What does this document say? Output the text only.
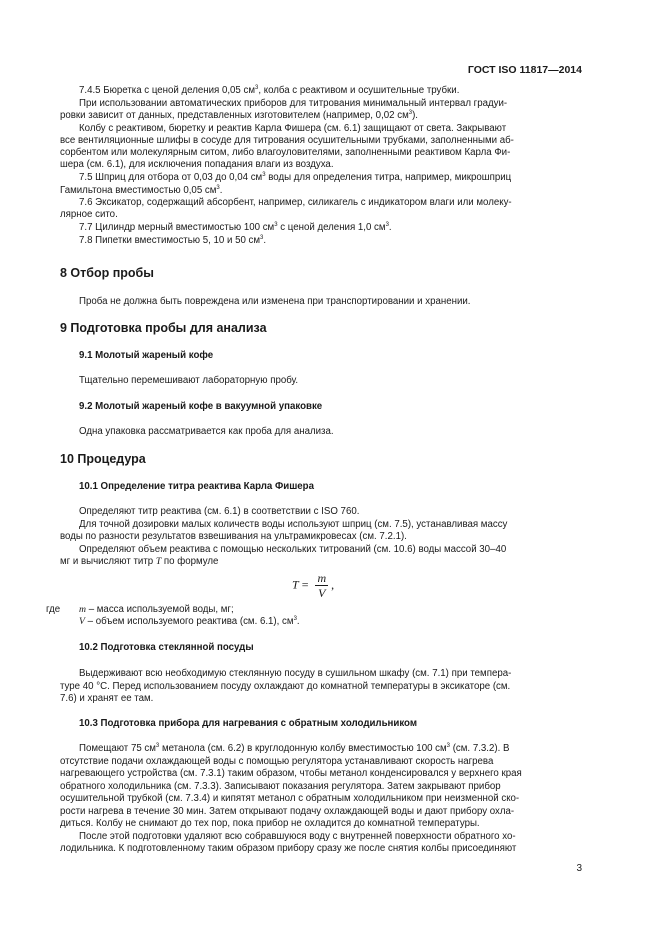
ГОСТ ISO 11817—2014

7.4.5 Бюретка с ценой деления 0,05 $см^3$, колба с реактивом и осушительные трубки.

При использовании автоматических приборов для титрования минимальный интервал градуи-

ровки зависит от данных, представленных изготовителем (например, 0,02 $см^3$).

Колбу с реактивом, бюретку и реактив Карла Фишера (см. 6.1) защищают от света. Закрывают

все вентиляционные шлифы в сосуде для титрования осушительными трубками, заполненными аб-

сорбентом или молекулярным ситом, либо влагоуловителями, заполненными реактивом Карла Фи-

шера (см. 6.1), для исключения попадания влаги из воздуха.

7.5 Шприц для отбора от 0,03 до 0,04 $см^3$ воды для определения титра, например, микрошприц

Гамильтона вместимостью 0,05 $см^3$.

7.6 Эксикатор, содержащий абсорбент, например, силикагель с индикатором влаги или молеку-

лярное сито.

7.7 Цилиндр мерный вместимостью 100 $см^3$ с ценой деления 1,0 $см^3$.

7.8 Пипетки вместимостью 5, 10 и 50 $см^3$.

8 Отбор пробы

Проба не должна быть повреждена или изменена при транспортировании и хранении.

9 Подготовка пробы для анализа
9.1 Молотый жареный кофе

Тщательно перемешивают лабораторную пробу.

9.2 Молотый жареный кофе в вакуумной упаковке

Одна упаковка рассматривается как проба для анализа.

10 Процедура
10.1 Определение титра реактива Карла Фишера

Определяют титр реактива (см. 6.1) в соответствии с ISO 760.

Для точной дозировки малых количеств воды используют шприц (см. 7.5), устанавливая массу

воды по разности результатов взвешивания на ультрамикровесах (см. 7.2.1).

Определяют объем реактива с помощью нескольких титрований (см. 10.6) воды массой 30–40

мг и вычисляют титр T по формуле

$T = \frac{m}{V}$ ,
где m – масса используемой воды, мг;

V – объем используемого реактива (см. 6.1), $см^3$.

10.2 Подготовка стеклянной посуды

Выдерживают всю необходимую стеклянную посуду в сушильном шкафу (см. 7.1) при темпера-

туре 40 °С. Перед использованием посуду охлаждают до комнатной температуры в эксикаторе (см.

7.6) и хранят ее там.

10.3 Подготовка прибора для нагревания с обратным холодильником

Помещают 75 $см^3$ метанола (см. 6.2) в круглодонную колбу вместимостью 100 $см^3$ (см. 7.3.2). В

отсутствие подачи охлаждающей воды с помощью регулятора устанавливают скорость нагрева

нагревающего устройства (см. 7.3.1) таким образом, чтобы метанол конденсировался у верхнего края

обратного холодильника (см. 7.3.3). Записывают показания регулятора. Затем закрывают прибор

осушительной трубкой (см. 7.3.4) и кипятят метанол с обратным холодильником при неизменной ско-

рости нагрева в течение 30 мин. Затем открывают подачу охлаждающей воды и дают прибору охла-

диться. Колбу не снимают до тех пор, пока прибор не охладится до комнатной температуры.

После этой подготовки удаляют всю собравшуюся воду с внутренней поверхности обратного хо-

лодильника. К подготовленному таким образом прибору сразу же после снятия колбы присоединяют

3
